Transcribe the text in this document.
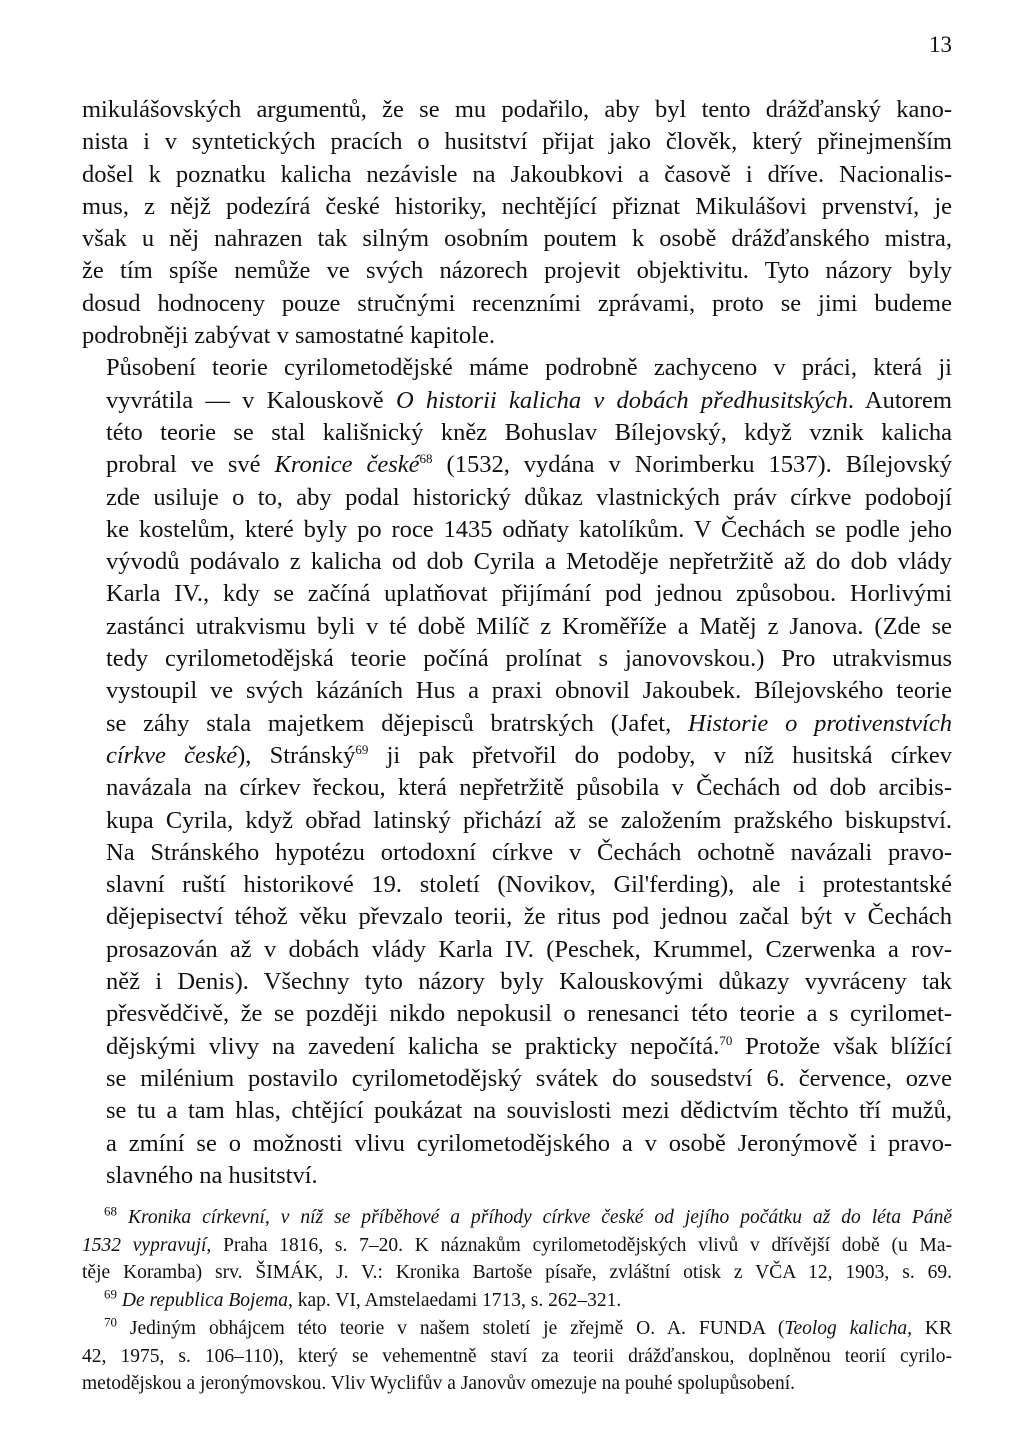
13

mikulášovských argumentů, že se mu podařilo, aby byl tento drážďanský kano-
nista i v syntetických pracích o husitství přijat jako člověk, který přinejmenším
došel k poznatku kalicha nezávisle na Jakoubkovi a časově i dříve. Nacionalis-
mus, z nějž podezírá české historiky, nechtějící přiznat Mikulášovi prvenství, je
však u něj nahrazen tak silným osobním poutem k osobě drážďanského mistra,
že tím spíše nemůže ve svých názorech projevit objektivitu. Tyto názory byly
dosud hodnoceny pouze stručnými recenzními zprávami, proto se jimi budeme
podrobněji zabývat v samostatné kapitole.

Působení teorie cyrilometodějské máme podrobně zachyceno v práci, která ji
vyvrátila — v Kalouskově O historii kalicha v dobách předhusitských. Autorem
této teorie se stal kališnický kněz Bohuslav Bílejovský, když vznik kalicha
probral ve své Kronice české$^{68}$ (1532, vydána v Norimberku 1537). Bílejovský
zde usiluje o to, aby podal historický důkaz vlastnických práv církve podobojí
ke kostelům, které byly po roce 1435 odňaty katolíkům. V Čechách se podle jeho
vývodů podávalo z kalicha od dob Cyrila a Metoděje nepřetržitě až do dob vlády
Karla IV., kdy se začíná uplatňovat přijímání pod jednou způsobou. Horlivými
zastánci utrakvismu byli v té době Milíč z Kroměříže a Matěj z Janova. (Zde se
tedy cyrilometodějská teorie počíná prolínat s janovovskou.) Pro utrakvismus
vystoupil ve svých kázáních Hus a praxi obnovil Jakoubek. Bílejovského teorie
se záhy stala majetkem dějepisců bratrských (Jafet, Historie o protivenstvích
církve české), Stránský$^{69}$ ji pak přetvořil do podoby, v níž husitská církev
navázala na církev řeckou, která nepřetržitě působila v Čechách od dob arcibis-
kupa Cyrila, když obřad latinský přichází až se založením pražského biskupství.
Na Stránského hypotézu ortodoxní církve v Čechách ochotně navázali pravo-
slavní ruští historikové 19. století (Novikov, Gil'ferding), ale i protestantské
dějepisectví téhož věku převzalo teorii, že ritus pod jednou začal být v Čechách
prosazován až v dobách vlády Karla IV. (Peschek, Krummel, Czerwenka a rov-
něž i Denis). Všechny tyto názory byly Kalouskovými důkazy vyvráceny tak
přesvědčivě, že se později nikdo nepokusil o renesanci této teorie a s cyrilomet-
dějskými vlivy na zavedení kalicha se prakticky nepočítá.$^{70}$ Protože však blížící
se milénium postavilo cyrilometodějský svátek do sousedství 6. července, ozve
se tu a tam hlas, chtějící poukázat na souvislosti mezi dědictvím těchto tří mužů,
a zmíní se o možnosti vlivu cyrilometodějského a v osobě Jeronýmově i pravo-
slavného na husitství.

$^{68}$ Kronika církevní, v níž se příběhové a příhody církve české od jejího počátku až do léta Páně
1532 vypravují, Praha 1816, s. 7–20. K náznakům cyrilometodějských vlivů v dřívější době (u Ma-
těje Koramba) srv. ŠIMÁK, J. V.: Kronika Bartoše písaře, zvláštní otisk z VČA 12, 1903, s. 69.
$^{69}$ De republica Bojema, kap. VI, Amstelaedami 1713, s. 262–321.
$^{70}$ Jediným obhájcem této teorie v našem století je zřejmě O. A. FUNDA (Teolog kalicha, KR
42, 1975, s. 106–110), který se vehementně staví za teorii drážďanskou, doplněnou teorií cyrilo-
metodějskou a jeronýmovskou. Vliv Wyclifův a Janovův omezuje na pouhé spolupůsobení.
